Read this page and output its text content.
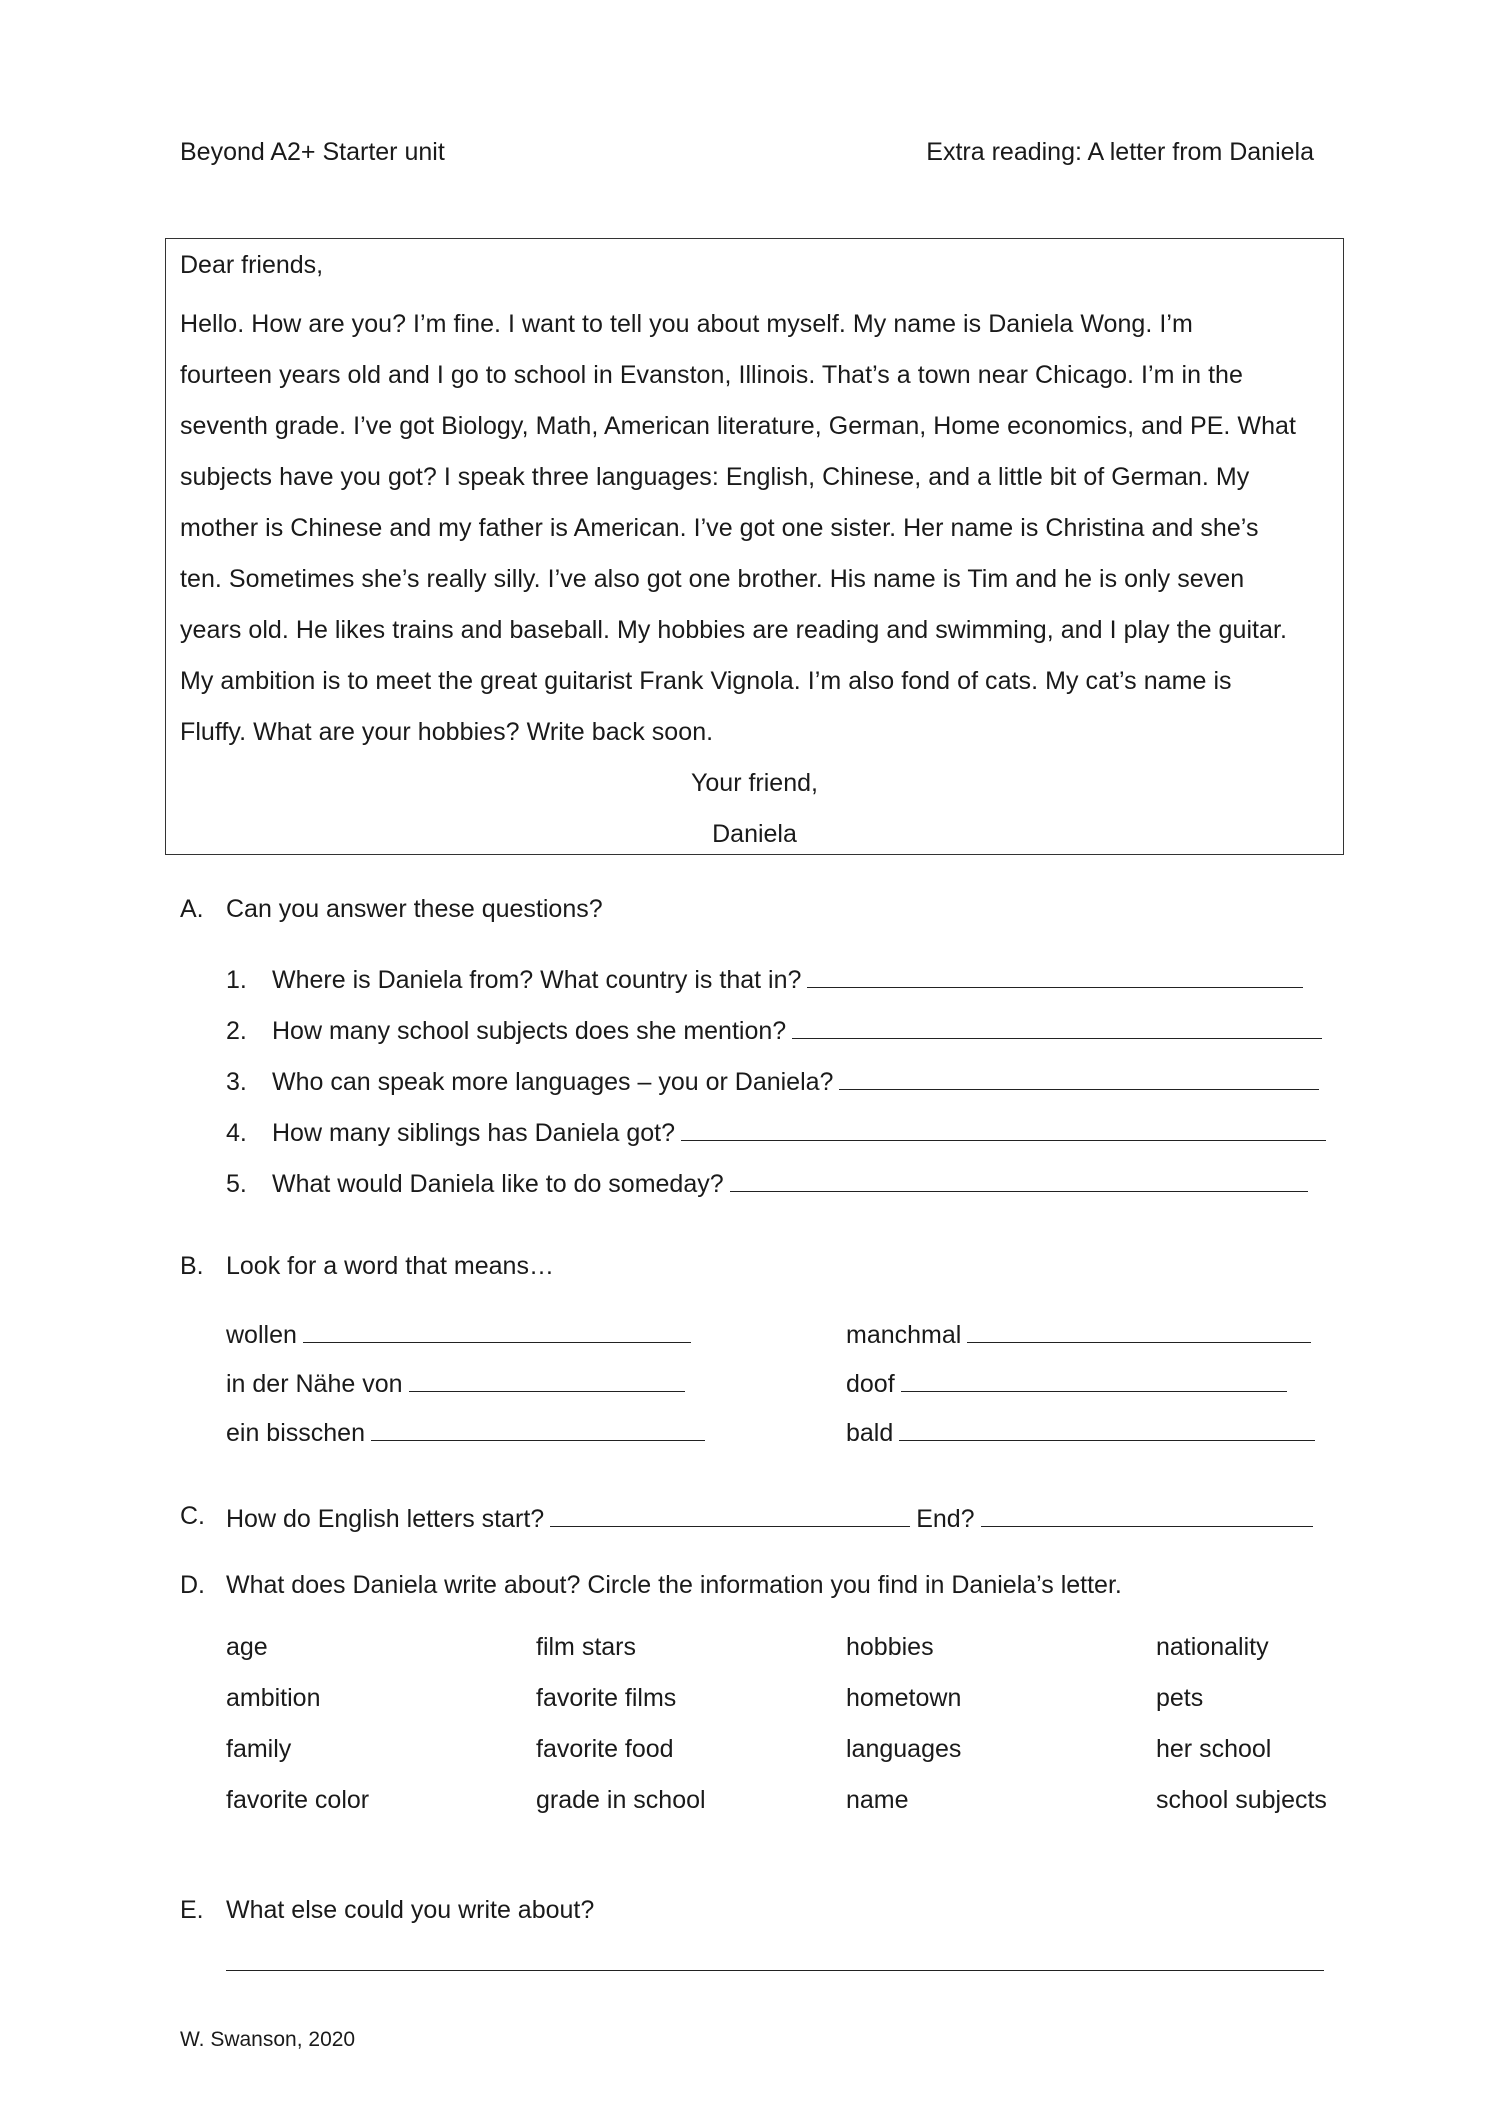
Beyond A2+ Starter unit	Extra reading: A letter from Daniela
Dear friends,
Hello. How are you? I’m fine. I want to tell you about myself. My name is Daniela Wong. I’m
fourteen years old and I go to school in Evanston, Illinois. That’s a town near Chicago. I’m in the
seventh grade. I’ve got Biology, Math, American literature, German, Home economics, and PE. What
subjects have you got? I speak three languages: English, Chinese, and a little bit of German. My
mother is Chinese and my father is American. I’ve got one sister. Her name is Christina and she’s
ten. Sometimes she’s really silly. I’ve also got one brother. His name is Tim and he is only seven
years old. He likes trains and baseball. My hobbies are reading and swimming, and I play the guitar.
My ambition is to meet the great guitarist Frank Vignola. I’m also fond of cats. My cat’s name is
Fluffy. What are your hobbies? Write back soon.
Your friend,
Daniela
A. Can you answer these questions?
1. Where is Daniela from? What country is that in?
2. How many school subjects does she mention?
3. Who can speak more languages – you or Daniela?
4. How many siblings has Daniela got?
5. What would Daniela like to do someday?
B. Look for a word that means…
wollen
in der Nähe von
ein bisschen
manchmal
doof
bald
C. How do English letters start?	End?
D. What does Daniela write about? Circle the information you find in Daniela’s letter.
age
ambition
family
favorite color
film stars
favorite films
favorite food
grade in school
hobbies
hometown
languages
name
nationality
pets
her school
school subjects
E. What else could you write about?
W. Swanson, 2020
